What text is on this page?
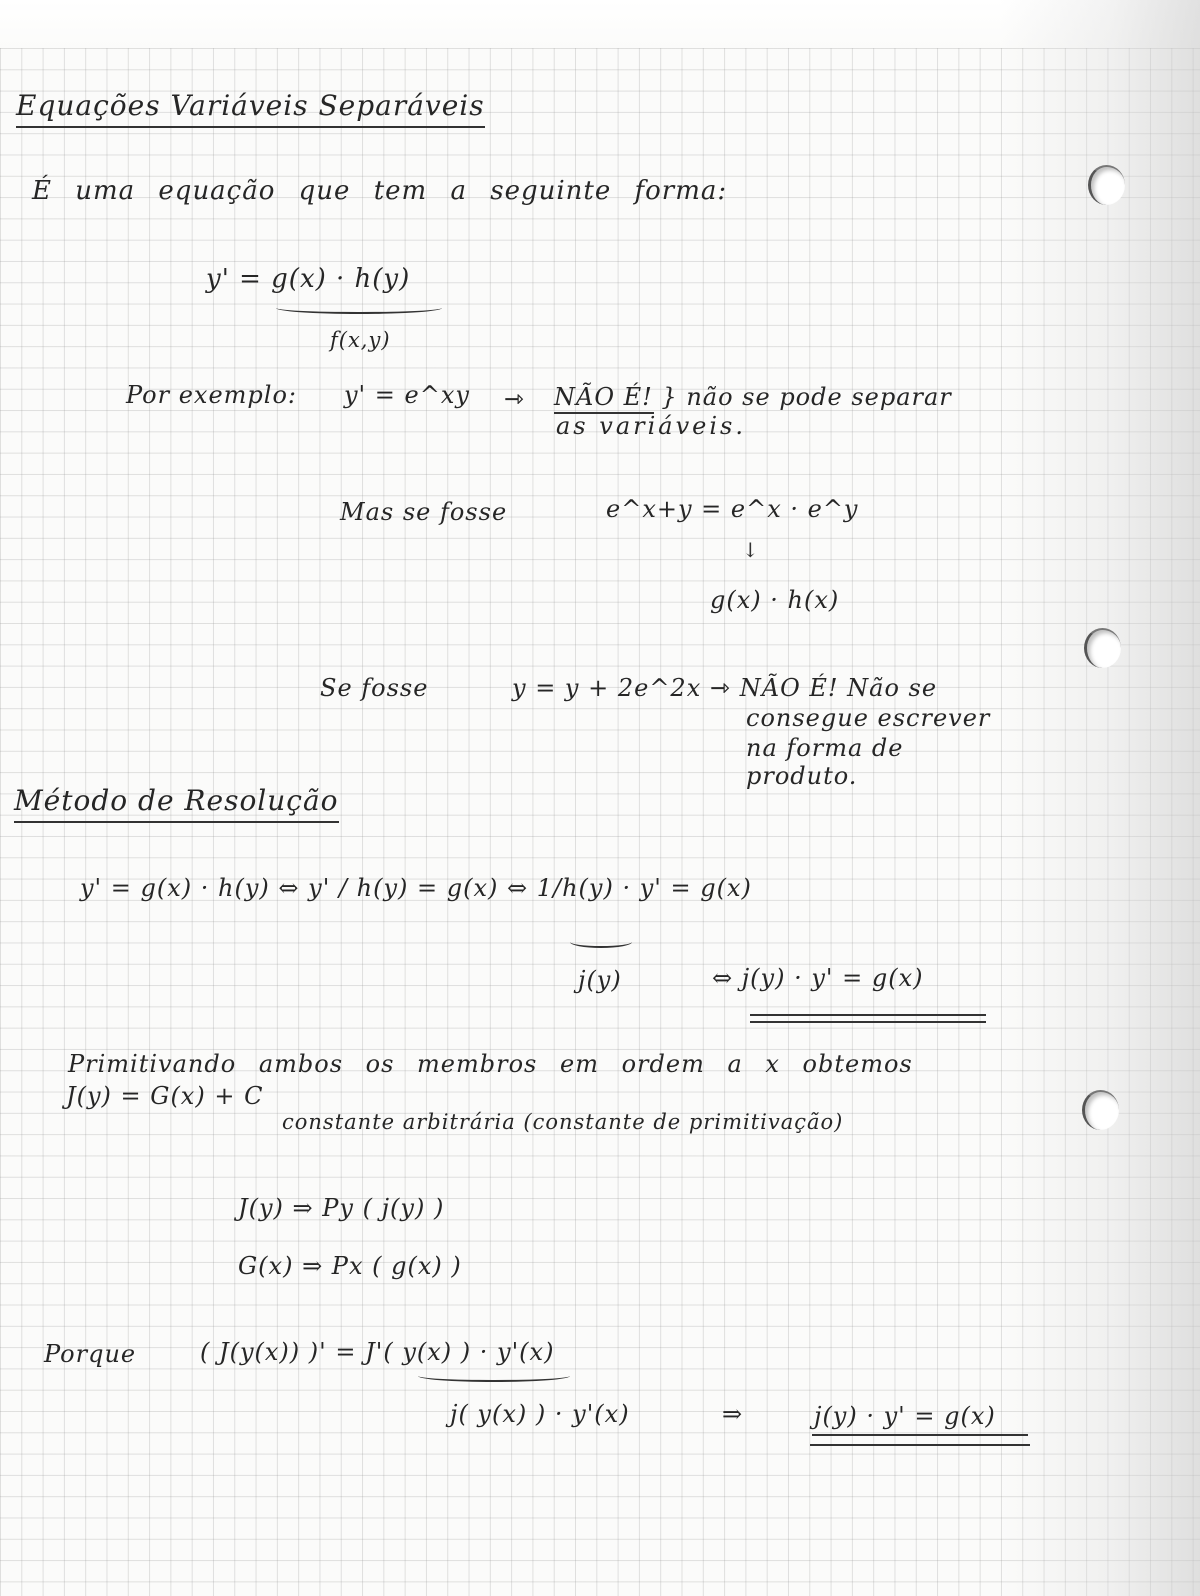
Equações Variáveis Separáveis
É uma equação que tem a seguinte forma:
y' = g(x) · h(y)
f(x,y)
Por exemplo: y' = e^xy ⇾ NÃO É! } não se pode separar
as variáveis.
Mas se fosse	e^x+y = e^x · e^y
↓
g(x) · h(x)
Se fosse	y = y + 2e^2x ⇾ NÃO É! Não se
consegue escrever
na forma de
produto.
Método de Resolução
y' = g(x) · h(y) ⇔ y' / h(y) = g(x) ⇔ 1/h(y) · y' = g(x)
j(y)	⇔ j(y) · y' = g(x)
Primitivando ambos os membros em ordem a x obtemos
J(y) = G(x) + C
constante arbitrária (constante de primitivação)
J(y) ⇒ Py ( j(y) )
G(x) ⇒ Px ( g(x) )
Porque	( J(y(x)) )' = J'( y(x) ) · y'(x)
j( y(x) ) · y'(x)	⇒	j(y) · y' = g(x)
